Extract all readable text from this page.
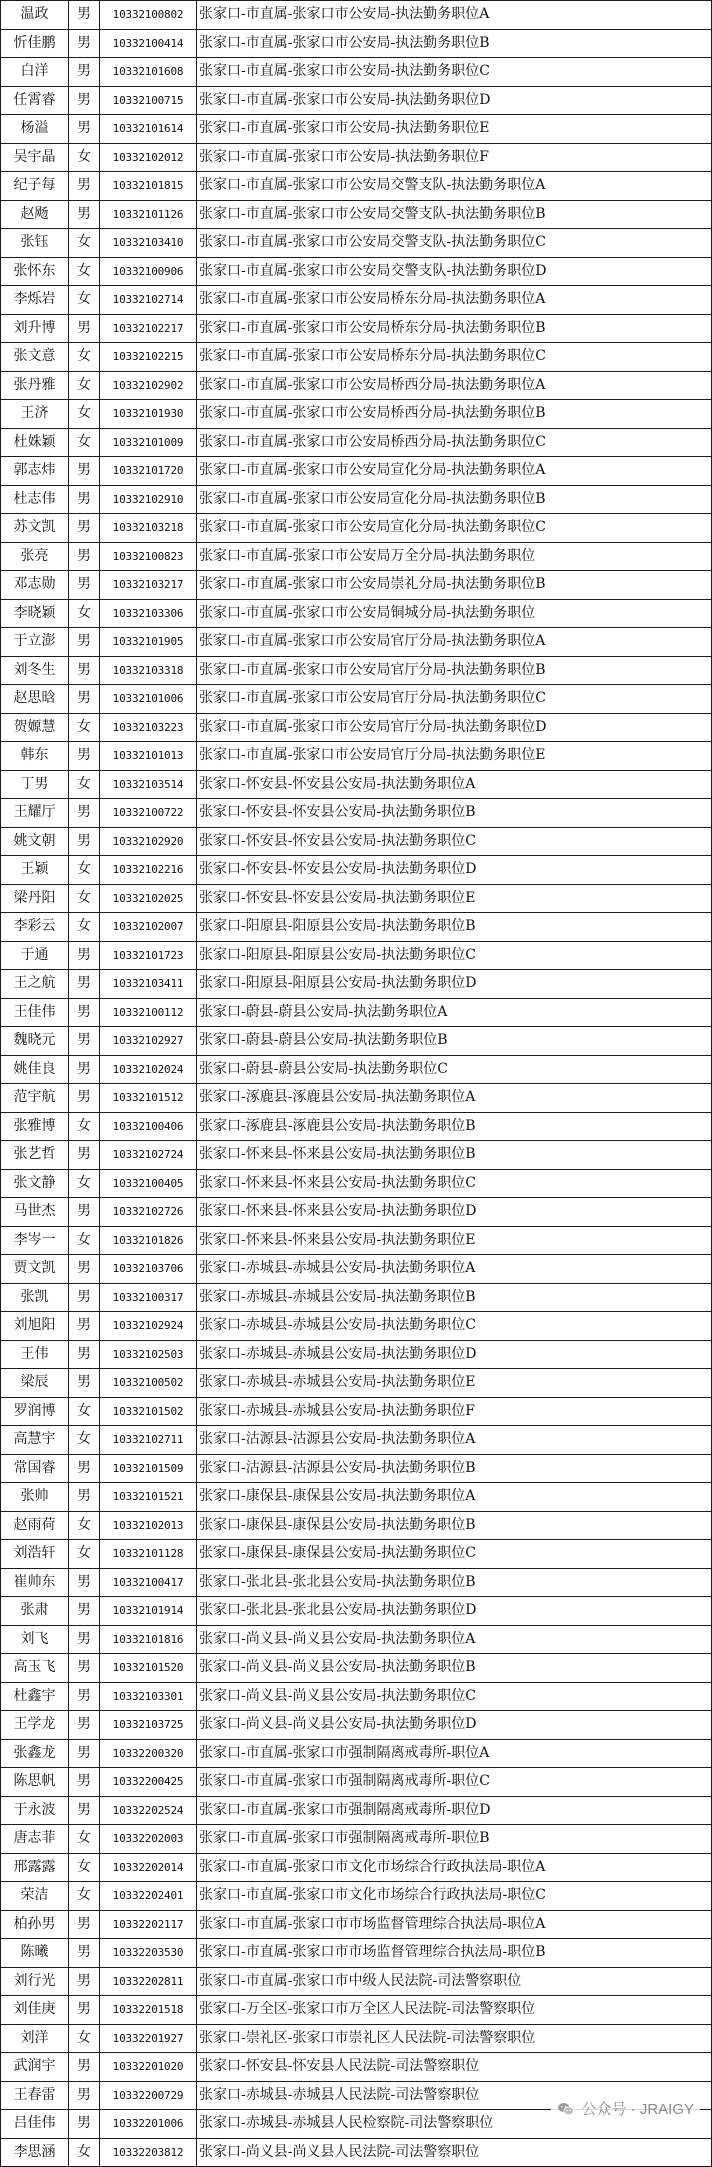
温政	男	10332100802	张家口-市直属-张家口市公安局-执法勤务职位A
忻佳鹏	男	10332100414	张家口-市直属-张家口市公安局-执法勤务职位B
白洋	男	10332101608	张家口-市直属-张家口市公安局-执法勤务职位C
任霄睿	男	10332100715	张家口-市直属-张家口市公安局-执法勤务职位D
杨溢	男	10332101614	张家口-市直属-张家口市公安局-执法勤务职位E
吴宇晶	女	10332102012	张家口-市直属-张家口市公安局-执法勤务职位F
纪子每	男	10332101815	张家口-市直属-张家口市公安局交警支队-执法勤务职位A
赵飏	男	10332101126	张家口-市直属-张家口市公安局交警支队-执法勤务职位B
张钰	女	10332103410	张家口-市直属-张家口市公安局交警支队-执法勤务职位C
张怀东	女	10332100906	张家口-市直属-张家口市公安局交警支队-执法勤务职位D
李烁岩	女	10332102714	张家口-市直属-张家口市公安局桥东分局-执法勤务职位A
刘升博	男	10332102217	张家口-市直属-张家口市公安局桥东分局-执法勤务职位B
张文意	女	10332102215	张家口-市直属-张家口市公安局桥东分局-执法勤务职位C
张丹雅	女	10332102902	张家口-市直属-张家口市公安局桥西分局-执法勤务职位A
王济	女	10332101930	张家口-市直属-张家口市公安局桥西分局-执法勤务职位B
杜姝颖	女	10332101009	张家口-市直属-张家口市公安局桥西分局-执法勤务职位C
郭志炜	男	10332101720	张家口-市直属-张家口市公安局宣化分局-执法勤务职位A
杜志伟	男	10332102910	张家口-市直属-张家口市公安局宣化分局-执法勤务职位B
苏文凯	男	10332103218	张家口-市直属-张家口市公安局宣化分局-执法勤务职位C
张亮	男	10332100823	张家口-市直属-张家口市公安局万全分局-执法勤务职位
邓志勋	男	10332103217	张家口-市直属-张家口市公安局崇礼分局-执法勤务职位B
李晓颖	女	10332103306	张家口-市直属-张家口市公安局铜城分局-执法勤务职位
于立澎	男	10332101905	张家口-市直属-张家口市公安局官厅分局-执法勤务职位A
刘冬生	男	10332103318	张家口-市直属-张家口市公安局官厅分局-执法勤务职位B
赵思晗	男	10332101006	张家口-市直属-张家口市公安局官厅分局-执法勤务职位C
贺嫄慧	女	10332103223	张家口-市直属-张家口市公安局官厅分局-执法勤务职位D
韩东	男	10332101013	张家口-市直属-张家口市公安局官厅分局-执法勤务职位E
丁男	女	10332103514	张家口-怀安县-怀安县公安局-执法勤务职位A
王耀厅	男	10332100722	张家口-怀安县-怀安县公安局-执法勤务职位B
姚文朝	男	10332102920	张家口-怀安县-怀安县公安局-执法勤务职位C
王颖	女	10332102216	张家口-怀安县-怀安县公安局-执法勤务职位D
梁丹阳	女	10332102025	张家口-怀安县-怀安县公安局-执法勤务职位E
李彩云	女	10332102007	张家口-阳原县-阳原县公安局-执法勤务职位B
于通	男	10332101723	张家口-阳原县-阳原县公安局-执法勤务职位C
王之航	男	10332103411	张家口-阳原县-阳原县公安局-执法勤务职位D
王佳伟	男	10332100112	张家口-蔚县-蔚县公安局-执法勤务职位A
魏晓元	男	10332102927	张家口-蔚县-蔚县公安局-执法勤务职位B
姚佳良	男	10332102024	张家口-蔚县-蔚县公安局-执法勤务职位C
范宇航	男	10332101512	张家口-涿鹿县-涿鹿县公安局-执法勤务职位A
张雅博	女	10332100406	张家口-涿鹿县-涿鹿县公安局-执法勤务职位B
张艺哲	男	10332102724	张家口-怀来县-怀来县公安局-执法勤务职位B
张文静	女	10332100405	张家口-怀来县-怀来县公安局-执法勤务职位C
马世杰	男	10332102726	张家口-怀来县-怀来县公安局-执法勤务职位D
李岑一	女	10332101826	张家口-怀来县-怀来县公安局-执法勤务职位E
贾文凯	男	10332103706	张家口-赤城县-赤城县公安局-执法勤务职位A
张凯	男	10332100317	张家口-赤城县-赤城县公安局-执法勤务职位B
刘旭阳	男	10332102924	张家口-赤城县-赤城县公安局-执法勤务职位C
王伟	男	10332102503	张家口-赤城县-赤城县公安局-执法勤务职位D
梁辰	男	10332100502	张家口-赤城县-赤城县公安局-执法勤务职位E
罗润博	女	10332101502	张家口-赤城县-赤城县公安局-执法勤务职位F
高慧宇	女	10332102711	张家口-沽源县-沽源县公安局-执法勤务职位A
常国睿	男	10332101509	张家口-沽源县-沽源县公安局-执法勤务职位B
张帅	男	10332101521	张家口-康保县-康保县公安局-执法勤务职位A
赵雨荷	女	10332102013	张家口-康保县-康保县公安局-执法勤务职位B
刘浩轩	女	10332101128	张家口-康保县-康保县公安局-执法勤务职位C
崔帅东	男	10332100417	张家口-张北县-张北县公安局-执法勤务职位B
张肃	男	10332101914	张家口-张北县-张北县公安局-执法勤务职位D
刘飞	男	10332101816	张家口-尚义县-尚义县公安局-执法勤务职位A
高玉飞	男	10332101520	张家口-尚义县-尚义县公安局-执法勤务职位B
杜鑫宇	男	10332103301	张家口-尚义县-尚义县公安局-执法勤务职位C
王学龙	男	10332103725	张家口-尚义县-尚义县公安局-执法勤务职位D
张鑫龙	男	10332200320	张家口-市直属-张家口市强制隔离戒毒所-职位A
陈思帆	男	10332200425	张家口-市直属-张家口市强制隔离戒毒所-职位C
于永波	男	10332202524	张家口-市直属-张家口市强制隔离戒毒所-职位D
唐志菲	女	10332202003	张家口-市直属-张家口市强制隔离戒毒所-职位B
邢露露	女	10332202014	张家口-市直属-张家口市文化市场综合行政执法局-职位A
荣洁	女	10332202401	张家口-市直属-张家口市文化市场综合行政执法局-职位C
柏孙男	男	10332202117	张家口-市直属-张家口市市场监督管理综合执法局-职位A
陈曦	男	10332203530	张家口-市直属-张家口市市场监督管理综合执法局-职位B
刘行光	男	10332202811	张家口-市直属-张家口市中级人民法院-司法警察职位
刘佳庚	男	10332201518	张家口-万全区-张家口市万全区人民法院-司法警察职位
刘洋	女	10332201927	张家口-崇礼区-张家口市崇礼区人民法院-司法警察职位
武润宇	男	10332201020	张家口-怀安县-怀安县人民法院-司法警察职位
王春雷	男	10332200729	张家口-赤城县-赤城县人民法院-司法警察职位
吕佳伟	男	10332201006	张家口-赤城县-赤城县人民检察院-司法警察职位
李思涵	女	10332203812	张家口-尚义县-尚义县人民法院-司法警察职位
公众号 · JRAIGY
